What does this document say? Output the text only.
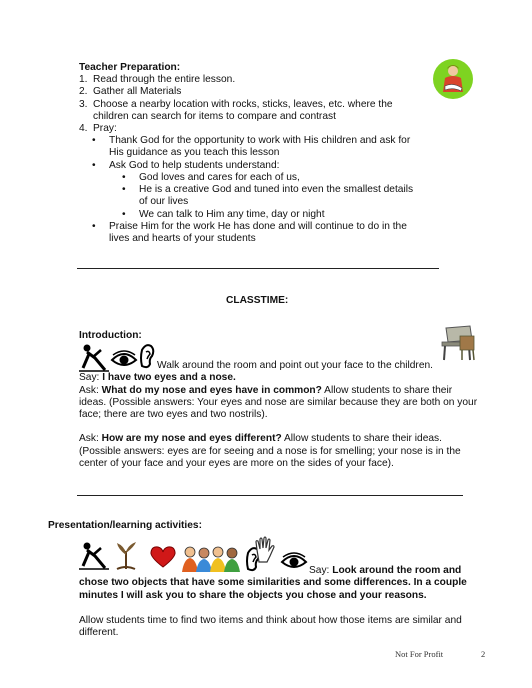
Teacher Preparation:
1. Read through the entire lesson.
2. Gather all Materials
3. Choose a nearby location with rocks, sticks, leaves, etc. where the children can search for items to compare and contrast
4. Pray:
• Thank God for the opportunity to work with His children and ask for His guidance as you teach this lesson
• Ask God to help students understand:
• God loves and cares for each of us,
• He is a creative God and tuned into even the smallest details of our lives
• We can talk to Him any time, day or night
• Praise Him for the work He has done and will continue to do in the lives and hearts of your students
CLASSTIME:
Introduction:
Walk around the room and point out your face to the children.
Say: I have two eyes and a nose.
Ask: What do my nose and eyes have in common? Allow students to share their ideas. (Possible answers: Your eyes and nose are similar because they are both on your face; there are two eyes and two nostrils).
Ask: How are my nose and eyes different? Allow students to share their ideas. (Possible answers: eyes are for seeing and a nose is for smelling; your nose is in the center of your face and your eyes are more on the sides of your face).
Presentation/learning activities:
Say: Look around the room and chose two objects that have some similarities and some differences. In a couple minutes I will ask you to share the objects you chose and your reasons.
Allow students time to find two items and think about how those items are similar and different.
Not For Profit	2
